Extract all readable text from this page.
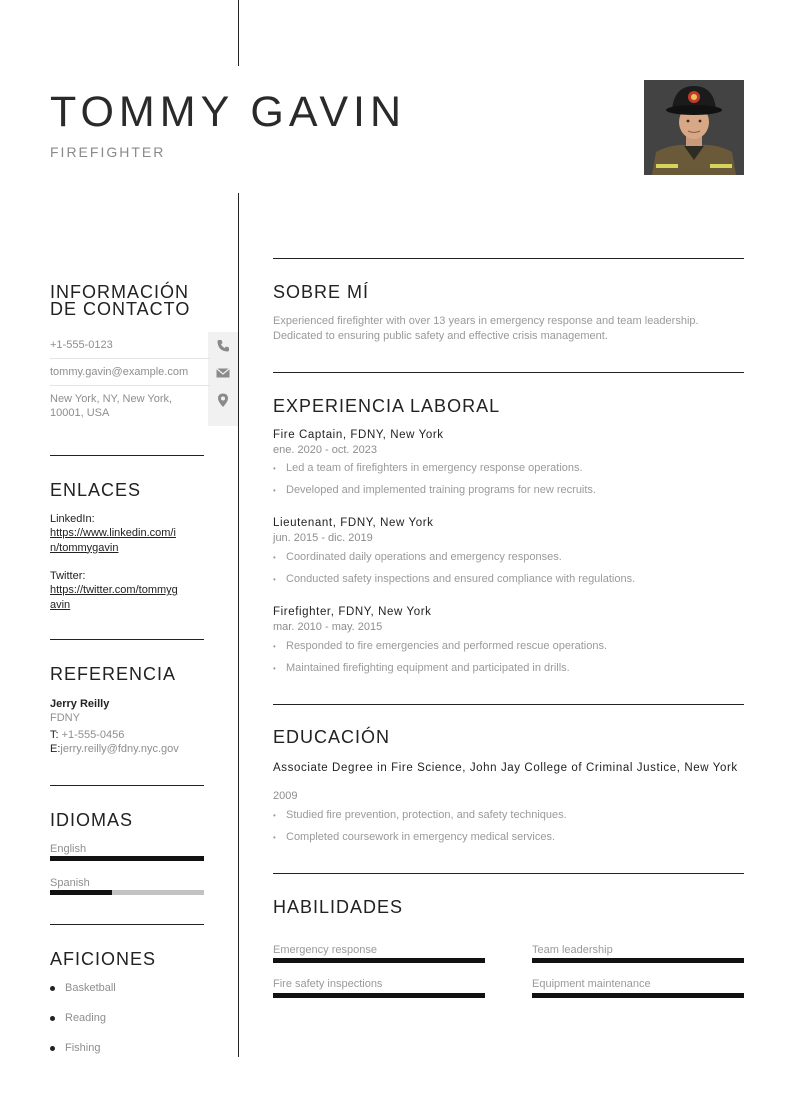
TOMMY GAVIN
FIREFIGHTER
INFORMACIÓN
DE CONTACTO
+1-555-0123
tommy.gavin@example.com
New York, NY, New York,
10001, USA
ENLACES
LinkedIn:
https://www.linkedin.com/i
n/tommygavin
Twitter:
https://twitter.com/tommyg
avin
REFERENCIA
Jerry Reilly
FDNY
T: +1-555-0456
E:jerry.reilly@fdny.nyc.gov
IDIOMAS
English
Spanish
AFICIONES
Basketball
Reading
Fishing
SOBRE MÍ
Experienced firefighter with over 13 years in emergency response and team leadership. Dedicated to ensuring public safety and effective crisis management.
EXPERIENCIA LABORAL
Fire Captain, FDNY, New York
ene. 2020 - oct. 2023
• Led a team of firefighters in emergency response operations.
• Developed and implemented training programs for new recruits.
Lieutenant, FDNY, New York
jun. 2015 - dic. 2019
• Coordinated daily operations and emergency responses.
• Conducted safety inspections and ensured compliance with regulations.
Firefighter, FDNY, New York
mar. 2010 - may. 2015
• Responded to fire emergencies and performed rescue operations.
• Maintained firefighting equipment and participated in drills.
EDUCACIÓN
Associate Degree in Fire Science, John Jay College of Criminal Justice, New York
2009
• Studied fire prevention, protection, and safety techniques.
• Completed coursework in emergency medical services.
HABILIDADES
Emergency response	Team leadership
Fire safety inspections	Equipment maintenance
